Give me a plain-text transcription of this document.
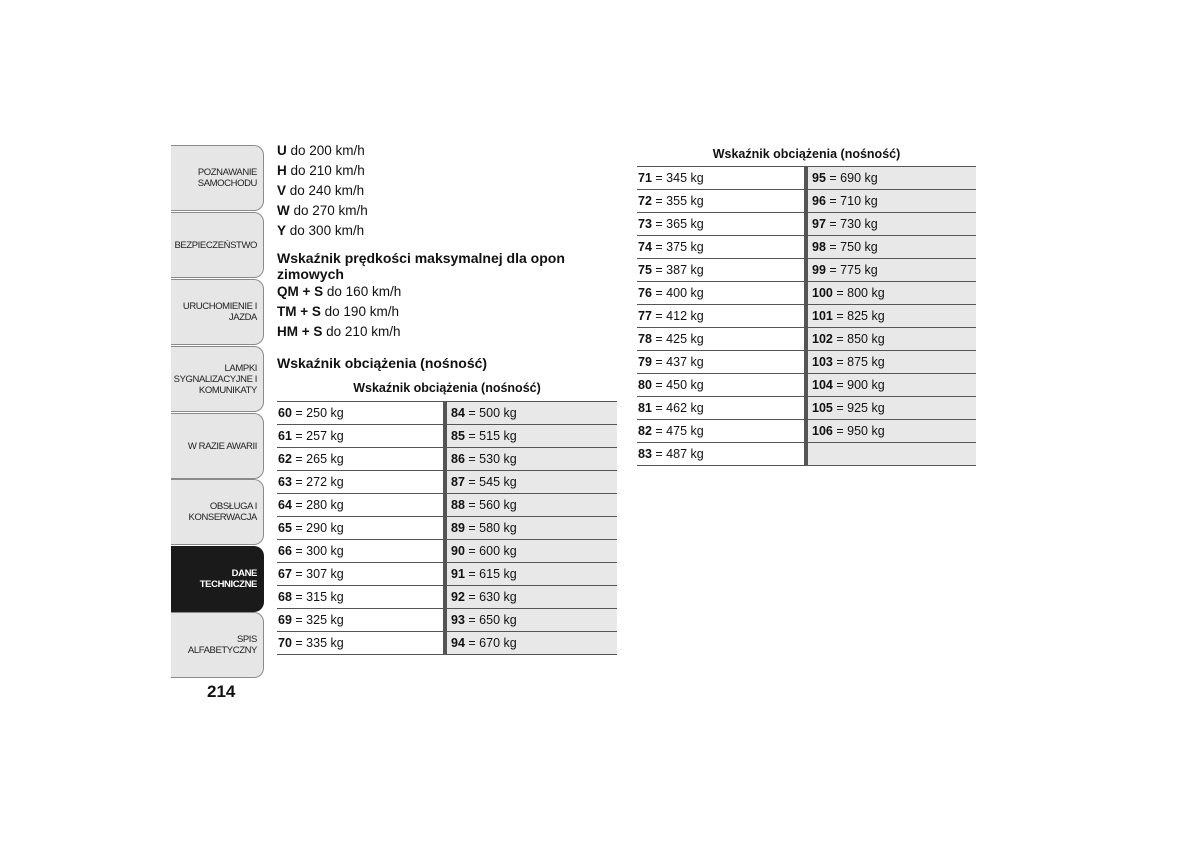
POZNAWANIE
SAMOCHODU
BEZPIECZEŃSTWO
URUCHOMIENIE I
JAZDA
LAMPKI
SYGNALIZACYJNE I
KOMUNIKATY
W RAZIE AWARII
OBSŁUGA I
KONSERWACJA
DANE
TECHNICZNE
SPIS ALFABETYCZNY
214
U do 200 km/h
H do 210 km/h
V do 240 km/h
W do 270 km/h
Y do 300 km/h
Wskaźnik prędkości maksymalnej dla opon zimowych
QM + S do 160 km/h
TM + S do 190 km/h
HM + S do 210 km/h
Wskaźnik obciążenia (nośność)
Wskaźnik obciążenia (nośność)
60 = 250 kg	84 = 500 kg
61 = 257 kg	85 = 515 kg
62 = 265 kg	86 = 530 kg
63 = 272 kg	87 = 545 kg
64 = 280 kg	88 = 560 kg
65 = 290 kg	89 = 580 kg
66 = 300 kg	90 = 600 kg
67 = 307 kg	91 = 615 kg
68 = 315 kg	92 = 630 kg
69 = 325 kg	93 = 650 kg
70 = 335 kg	94 = 670 kg
Wskaźnik obciążenia (nośność)
71 = 345 kg	95 = 690 kg
72 = 355 kg	96 = 710 kg
73 = 365 kg	97 = 730 kg
74 = 375 kg	98 = 750 kg
75 = 387 kg	99 = 775 kg
76 = 400 kg	100 = 800 kg
77 = 412 kg	101 = 825 kg
78 = 425 kg	102 = 850 kg
79 = 437 kg	103 = 875 kg
80 = 450 kg	104 = 900 kg
81 = 462 kg	105 = 925 kg
82 = 475 kg	106 = 950 kg
83 = 487 kg	
